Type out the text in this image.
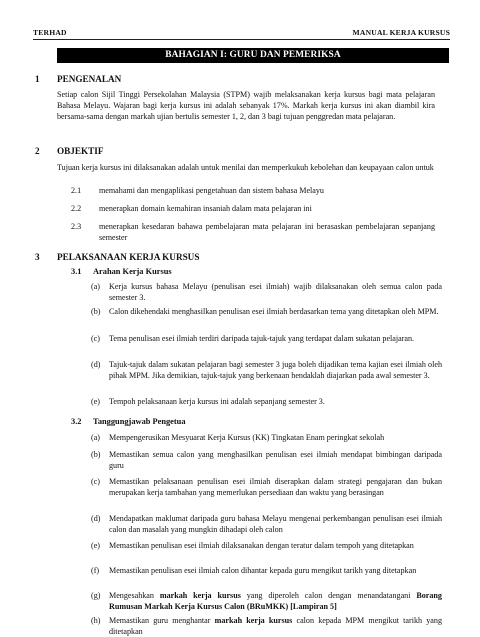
TERHAD	MANUAL KERJA KURSUS
BAHAGIAN I: GURU DAN PEMERIKSA
1 PENGENALAN
Setiap calon Sijil Tinggi Persekolahan Malaysia (STPM) wajib melaksanakan kerja kursus bagi mata pelajaran Bahasa Melayu. Wajaran bagi kerja kursus ini adalah sebanyak 17%. Markah kerja kursus ini akan diambil kira bersama-sama dengan markah ujian bertulis semester 1, 2, dan 3 bagi tujuan penggredan mata pelajaran.
2 OBJEKTIF
Tujuan kerja kursus ini dilaksanakan adalah untuk menilai dan memperkukuh kebolehan dan keupayaan calon untuk
2.1 memahami dan mengaplikasi pengetahuan dan sistem bahasa Melayu
2.2 menerapkan domain kemahiran insaniah dalam mata pelajaran ini
2.3 menerapkan kesedaran bahawa pembelajaran mata pelajaran ini berasaskan pembelajaran sepanjang semester
3 PELAKSANAAN KERJA KURSUS
3.1 Arahan Kerja Kursus
(a) Kerja kursus bahasa Melayu (penulisan esei ilmiah) wajib dilaksanakan oleh semua calon pada semester 3.
(b) Calon dikehendaki menghasilkan penulisan esei ilmiah berdasarkan tema yang ditetapkan oleh MPM.
(c) Tema penulisan esei ilmiah terdiri daripada tajuk-tajuk yang terdapat dalam sukatan pelajaran.
(d) Tajuk-tajuk dalam sukatan pelajaran bagi semester 3 juga boleh dijadikan tema kajian esei ilmiah oleh pihak MPM. Jika demikian, tajuk-tajuk yang berkenaan hendaklah diajarkan pada awal semester 3.
(e) Tempoh pelaksanaan kerja kursus ini adalah sepanjang semester 3.
3.2 Tanggungjawab Pengetua
(a) Mempengerusikan Mesyuarat Kerja Kursus (KK) Tingkatan Enam peringkat sekolah
(b) Memastikan semua calon yang menghasilkan penulisan esei ilmiah mendapat bimbingan daripada guru
(c) Memastikan pelaksanaan penulisan esei ilmiah diserapkan dalam strategi pengajaran dan bukan merupakan kerja tambahan yang memerlukan persediaan dan waktu yang berasingan
(d) Mendapatkan maklumat daripada guru bahasa Melayu mengenai perkembangan penulisan esei ilmiah calon dan masalah yang mungkin dihadapi oleh calon
(e) Memastikan penulisan esei ilmiah dilaksanakan dengan teratur dalam tempoh yang ditetapkan
(f) Memastikan penulisan esei ilmiah calon dihantar kepada guru mengikut tarikh yang ditetapkan
(g) Mengesahkan markah kerja kursus yang diperoleh calon dengan menandatangani Borang Rumusan Markah Kerja Kursus Calon (BRuMKK) [Lampiran 5]
(h) Memastikan guru menghantar markah kerja kursus calon kepada MPM mengikut tarikh yang ditetapkan
